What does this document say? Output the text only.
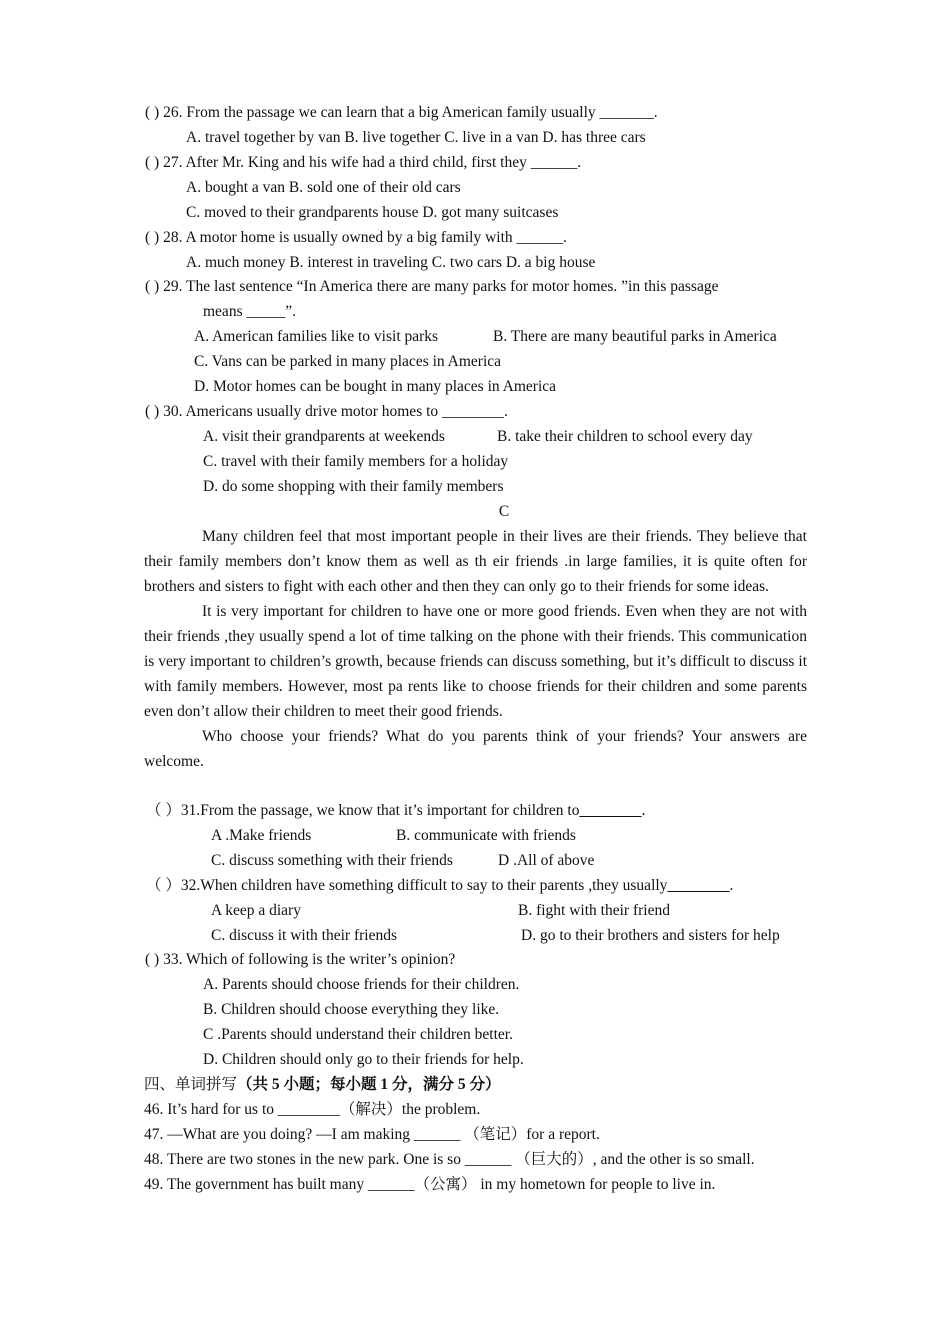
( ) 26. From the passage we can learn that a big American family usually _______.
A. travel together by van B. live together C. live in a van D. has three cars
( ) 27. After Mr. King and his wife had a third child, first they ______.
A. bought a van B. sold one of their old cars
C. moved to their grandparents house D. got many suitcases
( ) 28. A motor home is usually owned by a big family with ______.
A. much money B. interest in traveling C. two cars D. a big house
( ) 29. The last sentence “In America there are many parks for motor homes. ”in this passage
means _____”.
A. American families like to visit parks	B. There are many beautiful parks in America
C. Vans can be parked in many places in America
D. Motor homes can be bought in many places in America
( ) 30. Americans usually drive motor homes to ________.
A. visit their grandparents at weekends	B. take their children to school every day
C. travel with their family members for a holiday
D. do some shopping with their family members
C

Many children feel that most important people in their lives are their friends. They believe that their family members don’t know them as well as th eir friends .in large families, it is quite often for brothers and sisters to fight with each other and then they can only go to their friends for some ideas.

It is very important for children to have one or more good friends. Even when they are not with their friends ,they usually spend a lot of time talking on the phone with their friends. This communication is very important to children’s growth, because friends can discuss something, but it’s difficult to discuss it with family members. However, most pa rents like to choose friends for their children and some parents even don’t allow their children to meet their good friends.

Who choose your friends? What do you parents think of your friends? Your answers are welcome.

（ ）31.From the passage, we know that it’s important for children to________.
A .Make friends	B. communicate with friends
C. discuss something with their friends	D .All of above
（ ）32.When children have something difficult to say to their parents ,they usually________.
A keep a diary	B. fight with their friend
C. discuss it with their friends	D. go to their brothers and sisters for help
( ) 33. Which of following is the writer’s opinion?
A. Parents should choose friends for their children.
B. Children should choose everything they like.
C .Parents should understand their children better.
D. Children should only go to their friends for help.
四、单词拼写（共 5 小题；每小题 1 分，满分 5 分）
46. It’s hard for us to ________（解决）the problem.
47. —What are you doing? —I am making ______ （笔记）for a report.
48. There are two stones in the new park. One is so ______ （巨大的）, and the other is so small.
49. The government has built many ______（公寓） in my hometown for people to live in.
